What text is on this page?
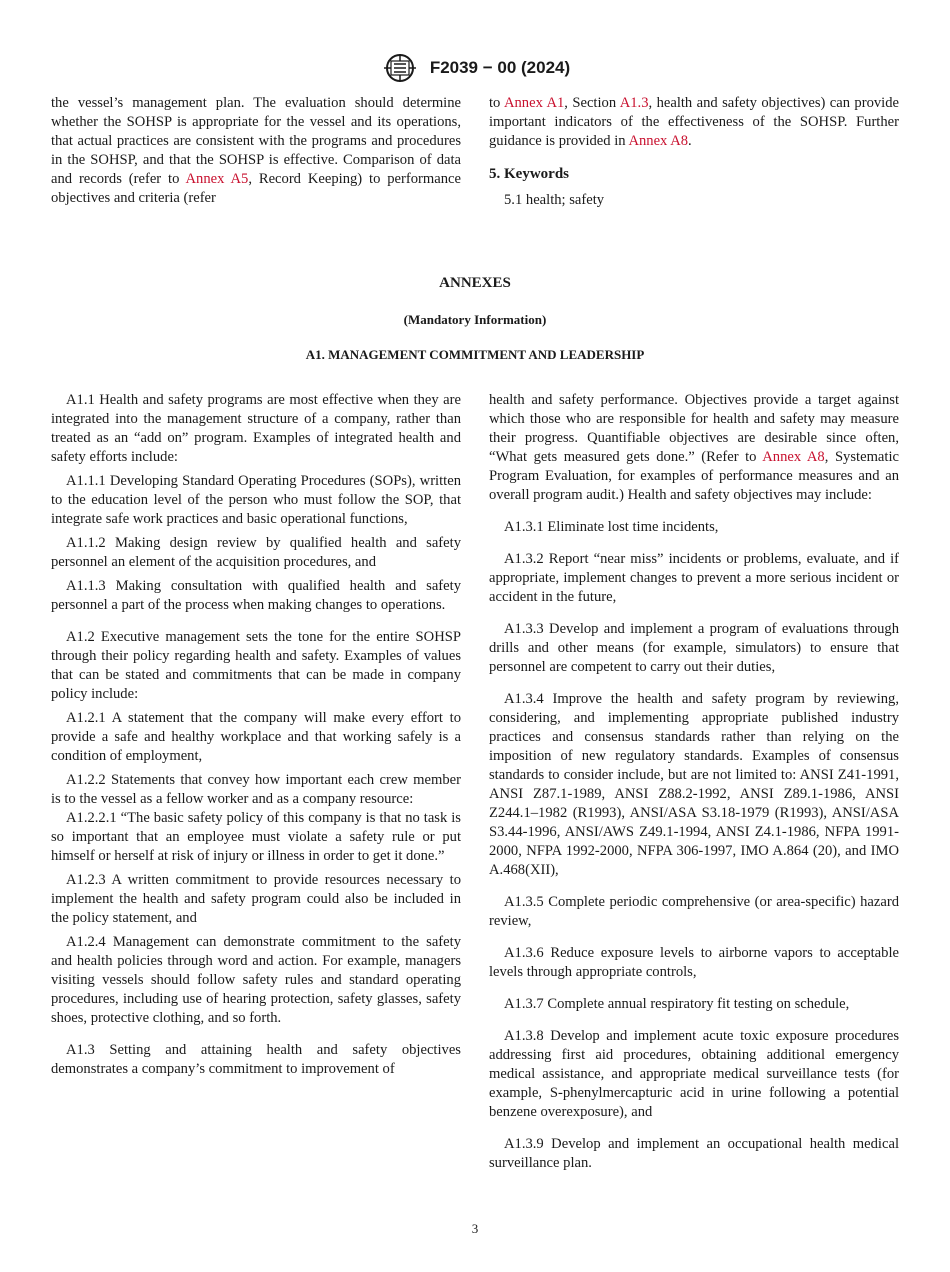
F2039 − 00 (2024)

the vessel’s management plan. The evaluation should determine whether the SOHSP is appropriate for the vessel and its operations, that actual practices are consistent with the programs and procedures in the SOHSP, and that the SOHSP is effective. Comparison of data and records (refer to Annex A5, Record Keeping) to performance objectives and criteria (refer

to Annex A1, Section A1.3, health and safety objectives) can provide important indicators of the effectiveness of the SOHSP. Further guidance is provided in Annex A8.

5. Keywords

5.1 health; safety

ANNEXES
(Mandatory Information)
A1. MANAGEMENT COMMITMENT AND LEADERSHIP

A1.1 Health and safety programs are most effective when they are integrated into the management structure of a company, rather than treated as an “add on” program. Examples of integrated health and safety efforts include:

A1.1.1 Developing Standard Operating Procedures (SOPs), written to the education level of the person who must follow the SOP, that integrate safe work practices and basic operational functions,

A1.1.2 Making design review by qualified health and safety personnel an element of the acquisition procedures, and

A1.1.3 Making consultation with qualified health and safety personnel a part of the process when making changes to operations.

A1.2 Executive management sets the tone for the entire SOHSP through their policy regarding health and safety. Examples of values that can be stated and commitments that can be made in company policy include:

A1.2.1 A statement that the company will make every effort to provide a safe and healthy workplace and that working safely is a condition of employment,

A1.2.2 Statements that convey how important each crew member is to the vessel as a fellow worker and as a company resource:

A1.2.2.1 “The basic safety policy of this company is that no task is so important that an employee must violate a safety rule or put himself or herself at risk of injury or illness in order to get it done.”

A1.2.3 A written commitment to provide resources necessary to implement the health and safety program could also be included in the policy statement, and

A1.2.4 Management can demonstrate commitment to the safety and health policies through word and action. For example, managers visiting vessels should follow safety rules and standard operating procedures, including use of hearing protection, safety glasses, safety shoes, protective clothing, and so forth.

A1.3 Setting and attaining health and safety objectives demonstrates a company’s commitment to improvement of

health and safety performance. Objectives provide a target against which those who are responsible for health and safety may measure their progress. Quantifiable objectives are desirable since often, “What gets measured gets done.” (Refer to Annex A8, Systematic Program Evaluation, for examples of performance measures and an overall program audit.) Health and safety objectives may include:

A1.3.1 Eliminate lost time incidents,

A1.3.2 Report “near miss” incidents or problems, evaluate, and if appropriate, implement changes to prevent a more serious incident or accident in the future,

A1.3.3 Develop and implement a program of evaluations through drills and other means (for example, simulators) to ensure that personnel are competent to carry out their duties,

A1.3.4 Improve the health and safety program by reviewing, considering, and implementing appropriate published industry practices and consensus standards rather than relying on the imposition of new regulatory standards. Examples of consensus standards to consider include, but are not limited to: ANSI Z41-1991, ANSI Z87.1-1989, ANSI Z88.2-1992, ANSI Z89.1-1986, ANSI Z244.1–1982 (R1993), ANSI/ASA S3.18-1979 (R1993), ANSI/ASA S3.44-1996, ANSI/AWS Z49.1-1994, ANSI Z4.1-1986, NFPA 1991-2000, NFPA 1992-2000, NFPA 306-1997, IMO A.864 (20), and IMO A.468(XII),

A1.3.5 Complete periodic comprehensive (or area-specific) hazard review,

A1.3.6 Reduce exposure levels to airborne vapors to acceptable levels through appropriate controls,

A1.3.7 Complete annual respiratory fit testing on schedule,

A1.3.8 Develop and implement acute toxic exposure procedures addressing first aid procedures, obtaining additional emergency medical assistance, and appropriate medical surveillance tests (for example, S-phenylmercapturic acid in urine following a potential benzene overexposure), and

A1.3.9 Develop and implement an occupational health medical surveillance plan.

3
